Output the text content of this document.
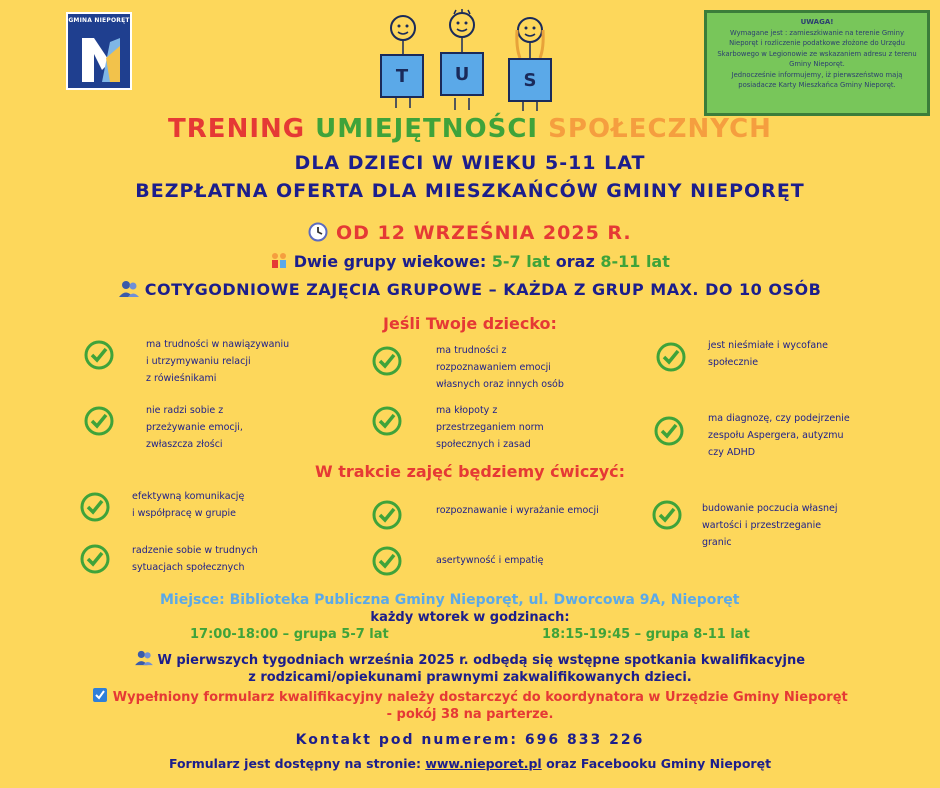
GMINA NIEPORĘT
T	U	S
UWAGA!
Wymagane jest : zamieszkiwanie na terenie Gminy Nieporęt i rozliczenie podatkowe złożone do Urzędu Skarbowego w Legionowie ze wskazaniem adresu z terenu Gminy Nieporęt.
Jednocześnie informujemy, iż pierwszeństwo mają posiadacze Karty Mieszkańca Gminy Nieporęt.
TRENING UMIEJĘTNOŚCI SPOŁECZNYCH
DLA DZIECI W WIEKU 5-11 LAT
BEZPŁATNA OFERTA DLA MIESZKAŃCÓW GMINY NIEPORĘT
OD 12 WRZEŚNIA 2025 R.
Dwie grupy wiekowe: 5-7 lat oraz 8-11 lat
COTYGODNIOWE ZAJĘCIA GRUPOWE – KAŻDA Z GRUP MAX. DO 10 OSÓB
Jeśli Twoje dziecko:
ma trudności w nawiązywaniu
i utrzymywaniu relacji
z rówieśnikami
ma trudności z
rozpoznawaniem emocji
własnych oraz innych osób
jest nieśmiałe i wycofane
społecznie
nie radzi sobie z
przeżywanie emocji,
zwłaszcza złości
ma kłopoty z
przestrzeganiem norm
społecznych i zasad
ma diagnozę, czy podejrzenie
zespołu Aspergera, autyzmu
czy ADHD
W trakcie zajęć będziemy ćwiczyć:
efektywną komunikację
i współpracę w grupie	rozpoznawanie i wyrażanie emocji	budowanie poczucia własnej
wartości i przestrzeganie
granic
radzenie sobie w trudnych
sytuacjach społecznych
asertywność i empatię
Miejsce: Biblioteka Publiczna Gminy Nieporęt, ul. Dworcowa 9A, Nieporęt
każdy wtorek w godzinach:
17:00-18:00 – grupa 5-7 lat	18:15-19:45 – grupa 8-11 lat
W pierwszych tygodniach września 2025 r. odbędą się wstępne spotkania kwalifikacyjne
z rodzicami/opiekunami prawnymi zakwalifikowanych dzieci.
Wypełniony formularz kwalifikacyjny należy dostarczyć do koordynatora w Urzędzie Gminy Nieporęt
- pokój 38 na parterze.
Kontakt pod numerem: 696 833 226
Formularz jest dostępny na stronie: www.nieporet.pl oraz Facebooku Gminy Nieporęt
